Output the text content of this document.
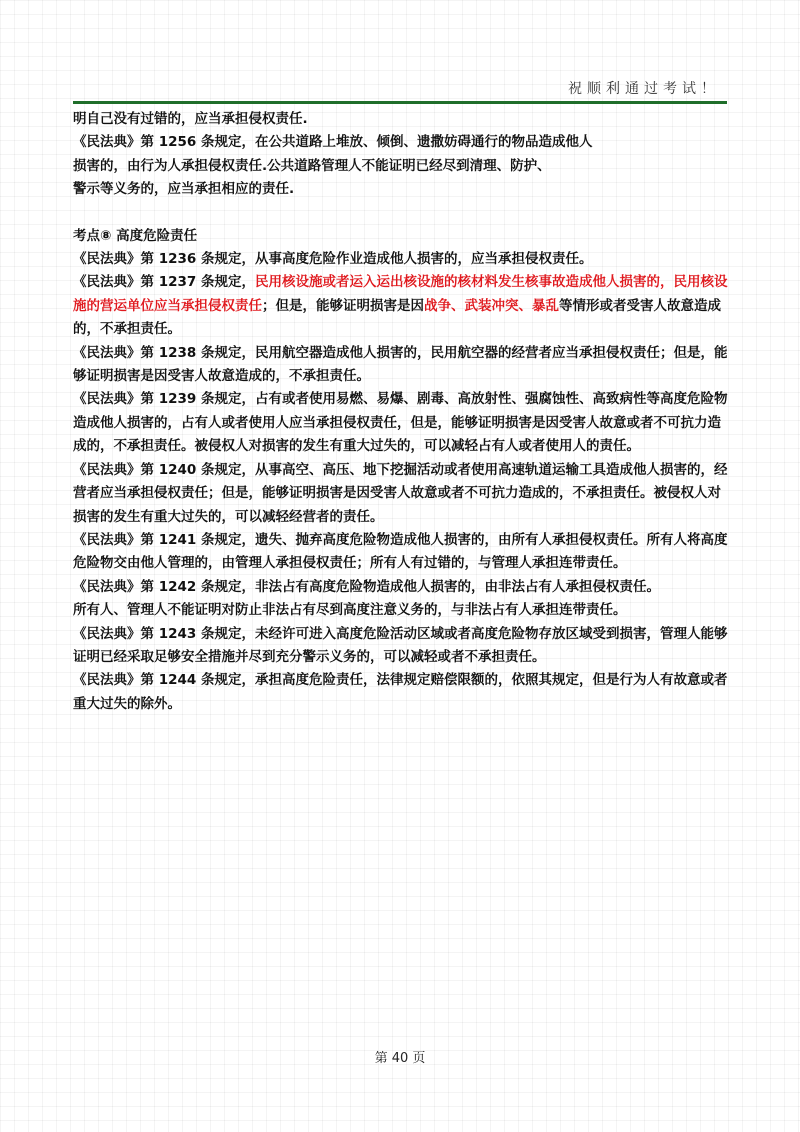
祝顺利通过考试！

明自己没有过错的，应当承担侵权责任.

《民法典》第 1256 条规定，在公共道路上堆放、倾倒、遗撒妨碍通行的物品造成他人

损害的，由行为人承担侵权责任.公共道路管理人不能证明已经尽到清理、防护、

警示等义务的，应当承担相应的责任.

考点⑧ 高度危险责任

《民法典》第 1236 条规定，从事高度危险作业造成他人损害的，应当承担侵权责任。

《民法典》第 1237 条规定，民用核设施或者运入运出核设施的核材料发生核事故造成他人损害的，民用核设施的营运单位应当承担侵权责任；但是，能够证明损害是因战争、武装冲突、暴乱等情形或者受害人故意造成的，不承担责任。

《民法典》第 1238 条规定，民用航空器造成他人损害的，民用航空器的经营者应当承担侵权责任；但是，能够证明损害是因受害人故意造成的，不承担责任。

《民法典》第 1239 条规定，占有或者使用易燃、易爆、剧毒、高放射性、强腐蚀性、高致病性等高度危险物造成他人损害的，占有人或者使用人应当承担侵权责任，但是，能够证明损害是因受害人故意或者不可抗力造成的，不承担责任。被侵权人对损害的发生有重大过失的，可以减轻占有人或者使用人的责任。

《民法典》第 1240 条规定，从事高空、高压、地下挖掘活动或者使用高速轨道运输工具造成他人损害的，经营者应当承担侵权责任；但是，能够证明损害是因受害人故意或者不可抗力造成的，不承担责任。被侵权人对损害的发生有重大过失的，可以减轻经营者的责任。

《民法典》第 1241 条规定，遗失、抛弃高度危险物造成他人损害的，由所有人承担侵权责任。所有人将高度危险物交由他人管理的，由管理人承担侵权责任；所有人有过错的，与管理人承担连带责任。

《民法典》第 1242 条规定，非法占有高度危险物造成他人损害的，由非法占有人承担侵权责任。

所有人、管理人不能证明对防止非法占有尽到高度注意义务的，与非法占有人承担连带责任。

《民法典》第 1243 条规定，未经许可进入高度危险活动区域或者高度危险物存放区域受到损害，管理人能够证明已经采取足够安全措施并尽到充分警示义务的，可以减轻或者不承担责任。

《民法典》第 1244 条规定，承担高度危险责任，法律规定赔偿限额的，依照其规定，但是行为人有故意或者重大过失的除外。

第 40 页
